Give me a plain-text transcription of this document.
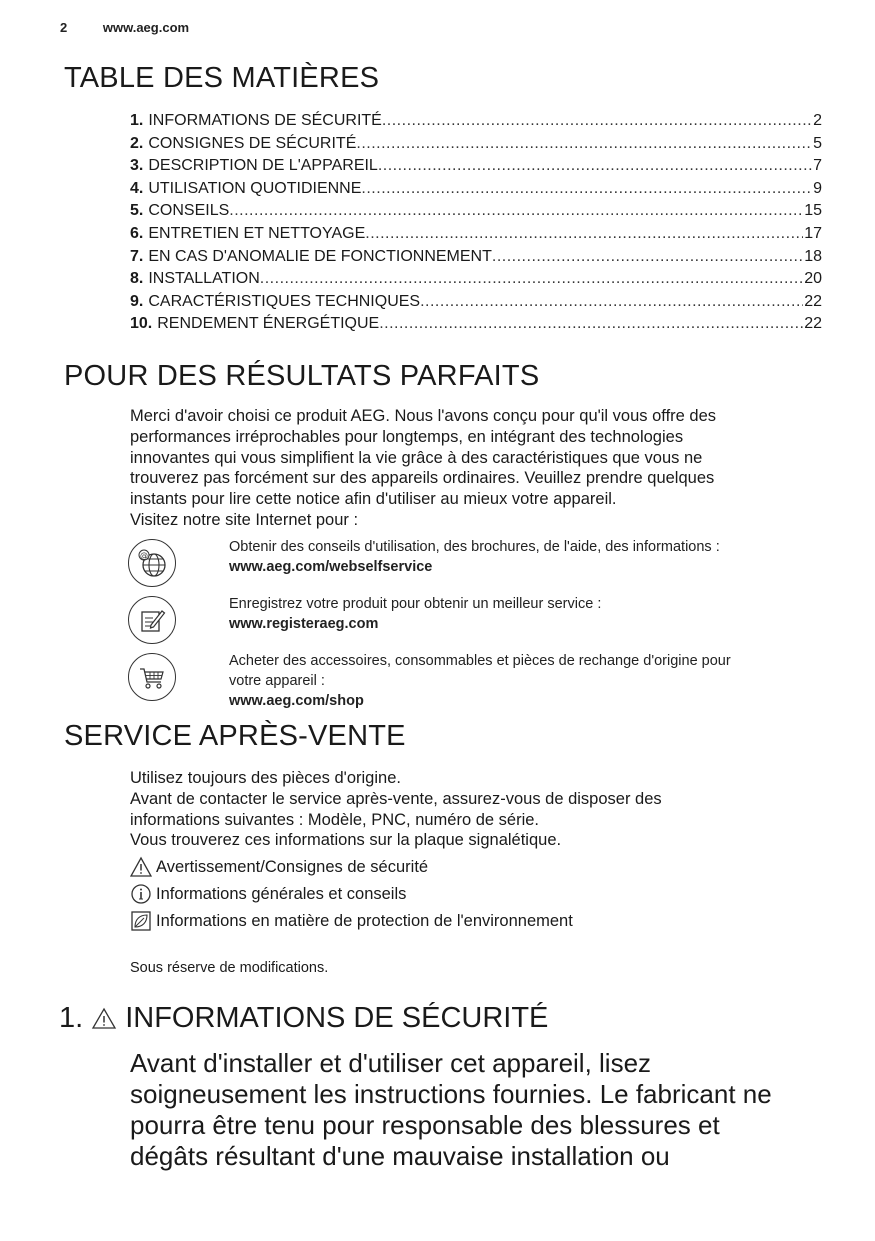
2	www.aeg.com
TABLE DES MATIÈRES
1. INFORMATIONS DE SÉCURITÉ .....	2
2. CONSIGNES DE SÉCURITÉ .....	5
3. DESCRIPTION DE L'APPAREIL .....	7
4. UTILISATION QUOTIDIENNE .....	9
5. CONSEILS .....	15
6. ENTRETIEN ET NETTOYAGE .....	17
7. EN CAS D'ANOMALIE DE FONCTIONNEMENT .....	18
8. INSTALLATION .....	20
9. CARACTÉRISTIQUES TECHNIQUES .....	22
10. RENDEMENT ÉNERGÉTIQUE .....	22
POUR DES RÉSULTATS PARFAITS
Merci d'avoir choisi ce produit AEG. Nous l'avons conçu pour qu'il vous offre des
performances irréprochables pour longtemps, en intégrant des technologies
innovantes qui vous simplifient la vie grâce à des caractéristiques que vous ne
trouverez pas forcément sur des appareils ordinaires. Veuillez prendre quelques
instants pour lire cette notice afin d'utiliser au mieux votre appareil.
Visitez notre site Internet pour :
@
Obtenir des conseils d'utilisation, des brochures, de l'aide, des informations :
www.aeg.com/webselfservice
Enregistrez votre produit pour obtenir un meilleur service :
www.registeraeg.com
Acheter des accessoires, consommables et pièces de rechange d'origine pour
votre appareil :
www.aeg.com/shop
SERVICE APRÈS-VENTE
Utilisez toujours des pièces d'origine.
Avant de contacter le service après-vente, assurez-vous de disposer des
informations suivantes : Modèle, PNC, numéro de série.
Vous trouverez ces informations sur la plaque signalétique.
Avertissement/Consignes de sécurité
Informations générales et conseils
Informations en matière de protection de l'environnement
Sous réserve de modifications.
1. INFORMATIONS DE SÉCURITÉ
Avant d'installer et d'utiliser cet appareil, lisez
soigneusement les instructions fournies. Le fabricant ne
pourra être tenu pour responsable des blessures et
dégâts résultant d'une mauvaise installation ou
